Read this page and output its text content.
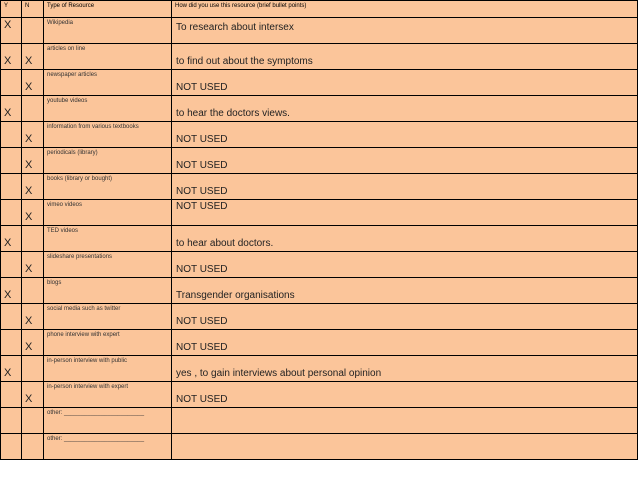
Y	N	Type of Resource	How did you use this resource (brief bullet points)

X		Wikipedia	To research about intersex

X	X	articles on line	to find out about the symptoms

	X	newspaper articles	NOT USED

X		youtube videos	to hear the doctors views.

	X	information from various textbooks	NOT USED

	X	periodicals (library)	NOT USED

	X	books (library or bought)	NOT USED

	X	vimeo videos	NOT USED

X		TED videos	to hear about doctors.

	X	slideshare presentations	NOT USED

X		blogs	Transgender organisations

	X	social media such as twitter	NOT USED

	X	phone interview with expert	NOT USED

X		in-person interview with public	yes , to gain interviews about personal opinion

	X	in-person interview with expert	NOT USED

		other: ________________________	

		other: ________________________	
